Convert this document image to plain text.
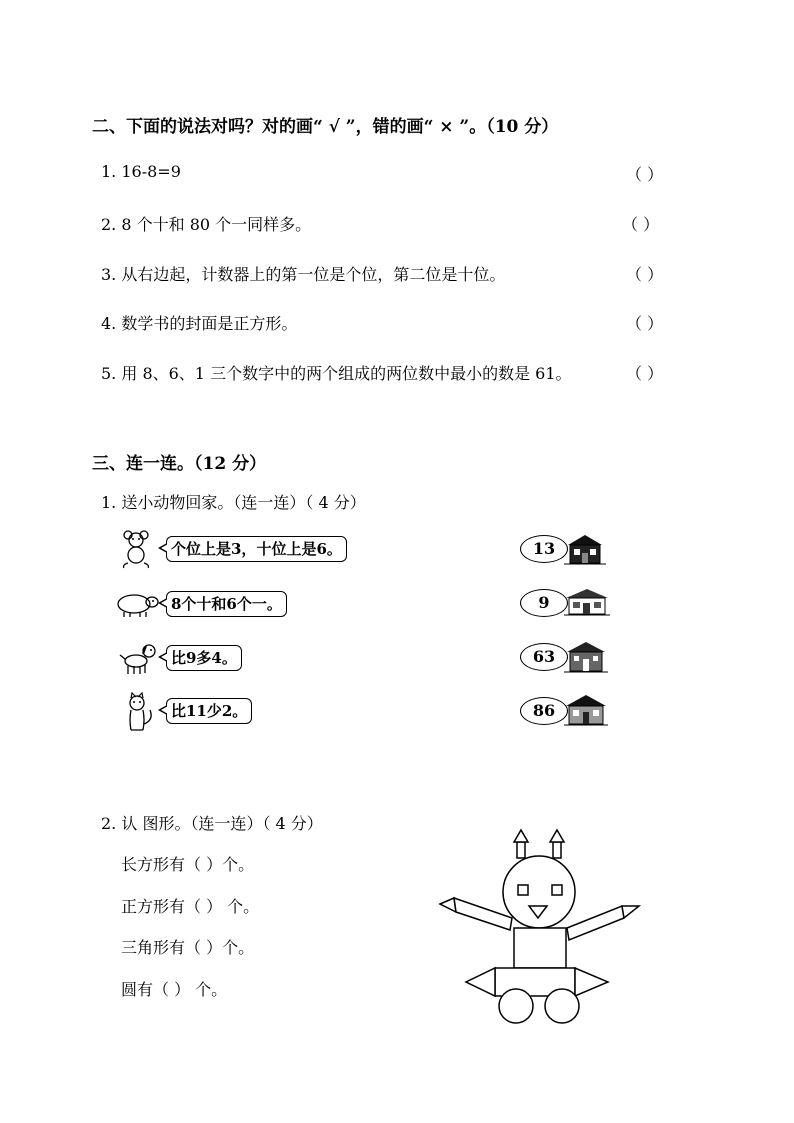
二、下面的说法对吗？对的画“ √ ”，错的画“ × ”。（10 分）
1. 16-8=9	（ ）
2. 8 个十和 80 个一同样多。	（ ）
3. 从右边起，计数器上的第一位是个位，第二位是十位。	（ ）
4. 数学书的封面是正方形。	（ ）
5. 用 8、6、1 三个数字中的两个组成的两位数中最小的数是 61。	（ ）
三、连一连。（12 分）
1. 送小动物回家。（连一连）（ 4 分）
个位上是3，十位上是6。
8个十和6个一。
比9多4。
比11少2。
13
9
63
86
2. 认 图形。（连一连）（ 4 分）
长方形有（ ）个。
正方形有（ ） 个。
三角形有（ ）个。
圆有（ ） 个。
